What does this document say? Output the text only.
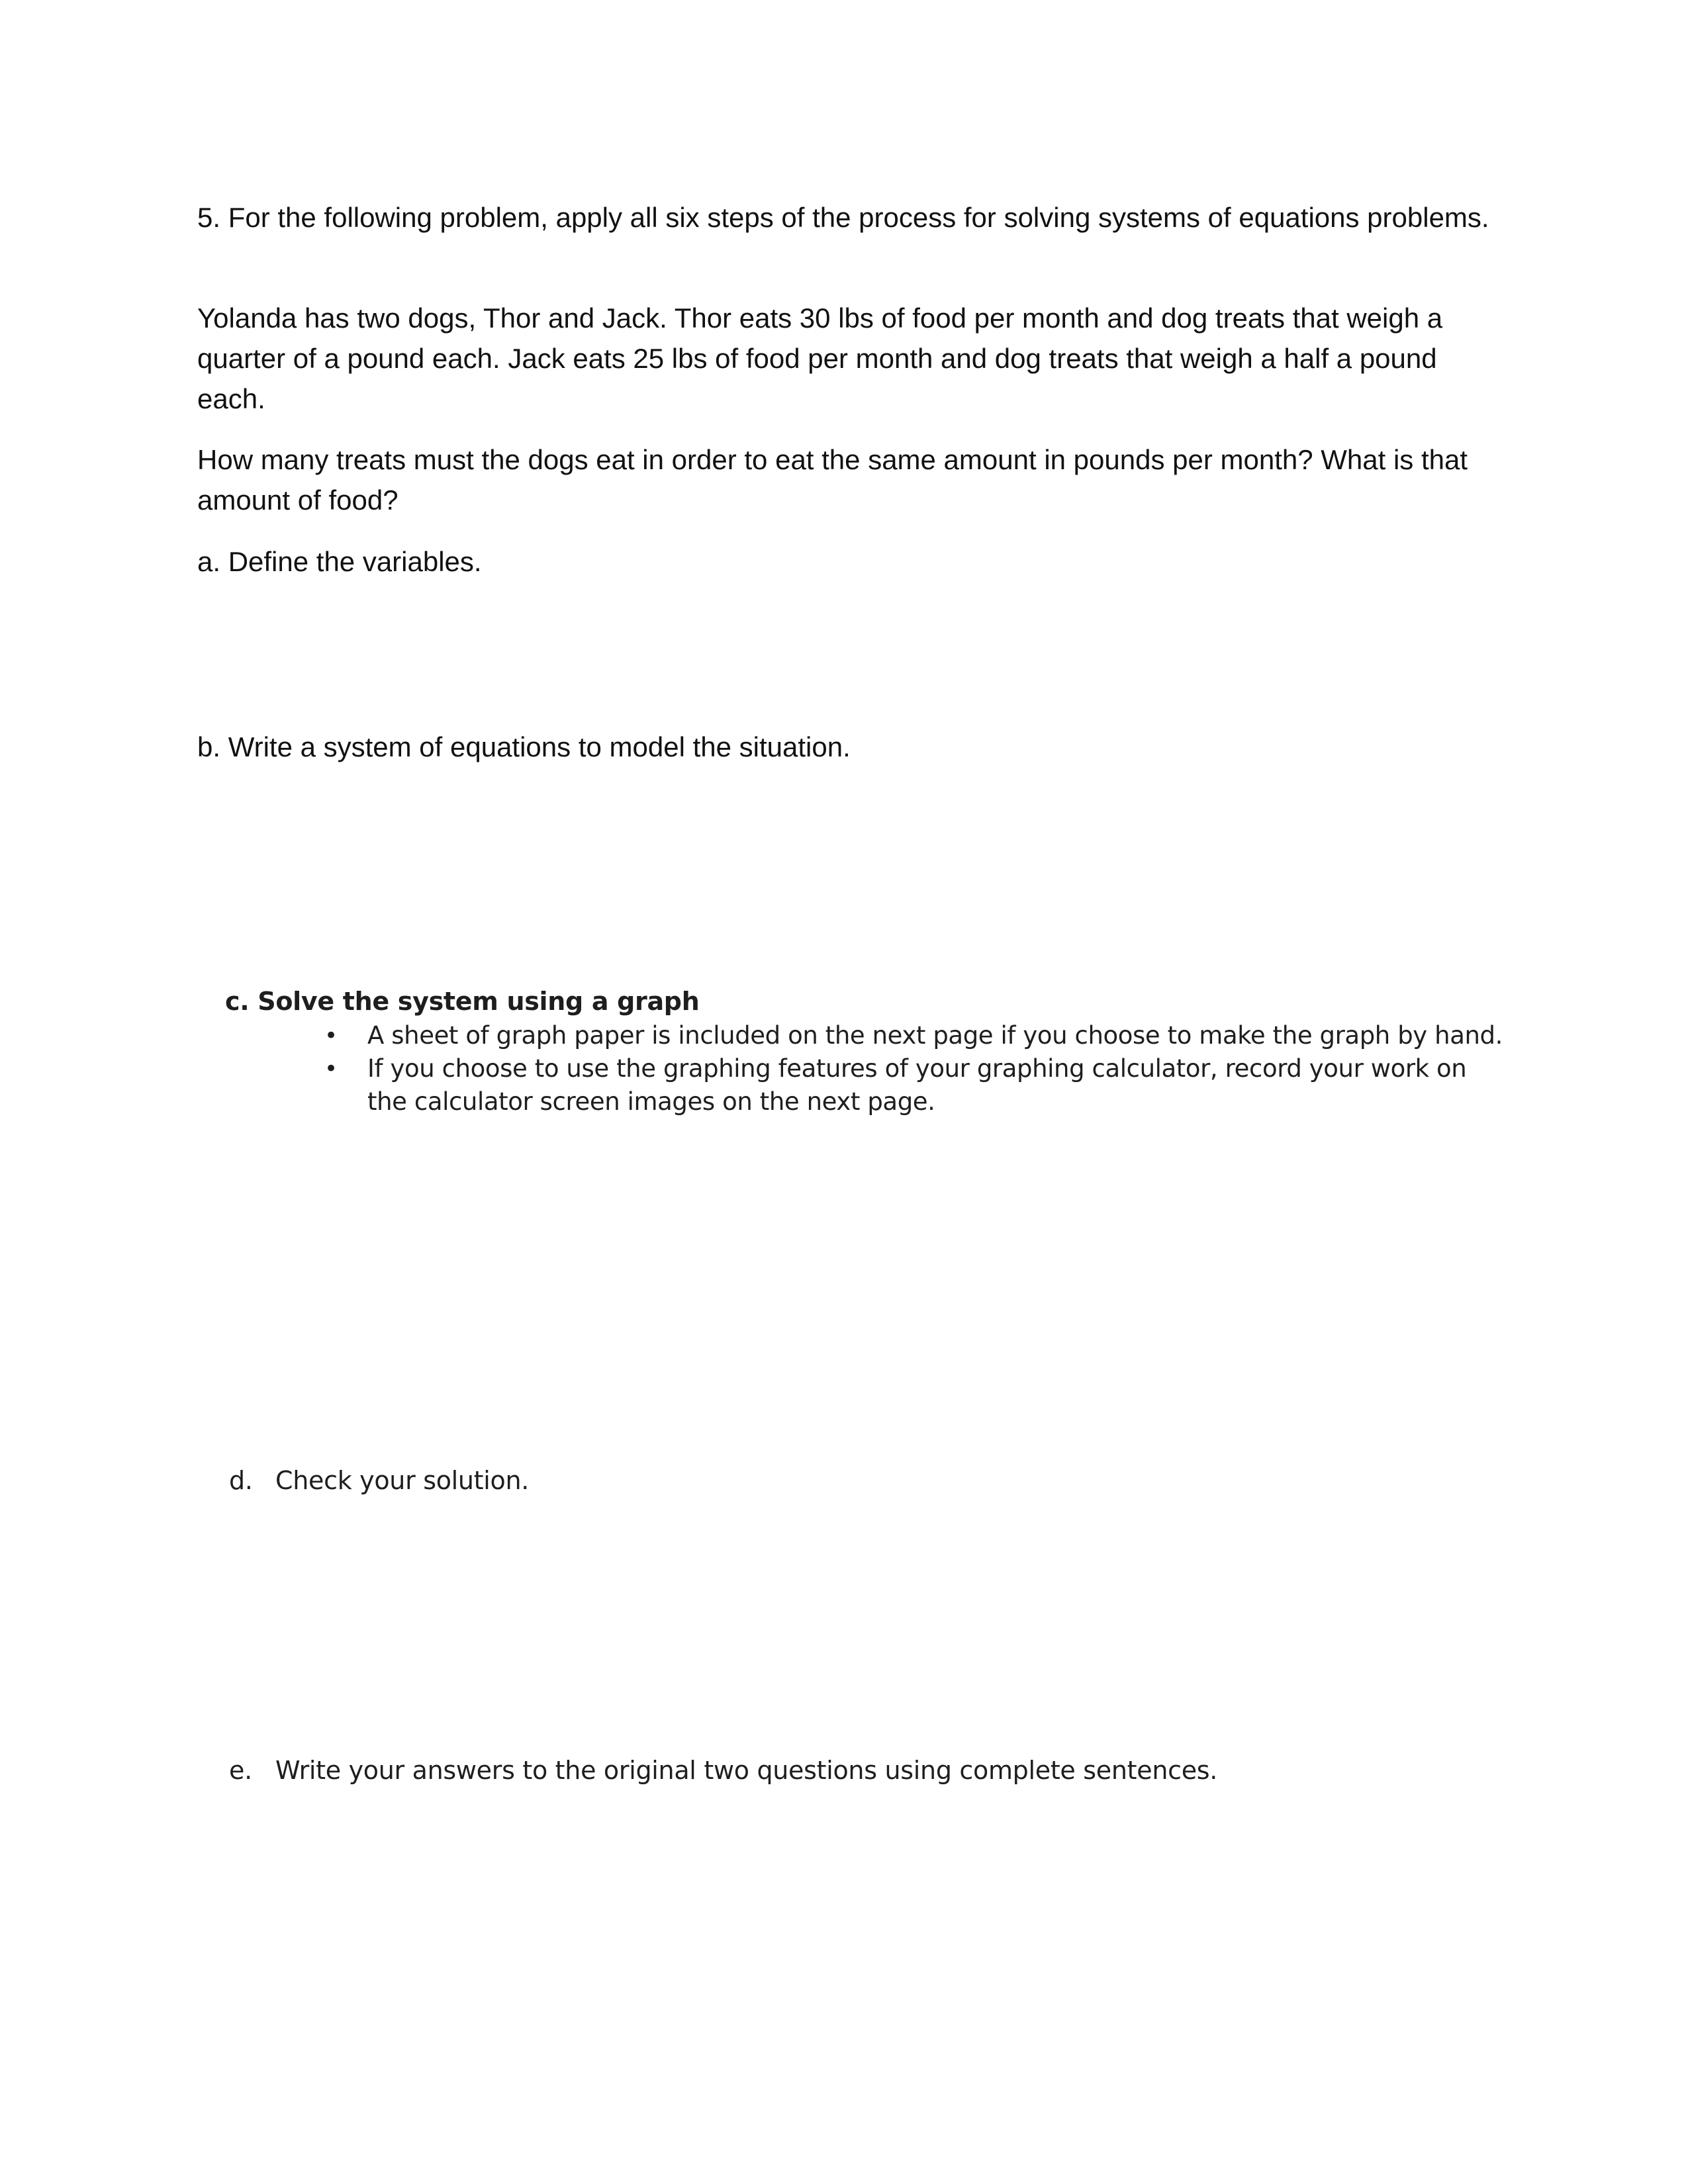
5. For the following problem, apply all six steps of the process for solving systems of equations problems.

Yolanda has two dogs, Thor and Jack. Thor eats 30 lbs of food per month and dog treats that weigh a quarter of a pound each. Jack eats 25 lbs of food per month and dog treats that weigh a half a pound each.

How many treats must the dogs eat in order to eat the same amount in pounds per month? What is that amount of food?

a. Define the variables.

b. Write a system of equations to model the situation.

c. Solve the system using a graph
• A sheet of graph paper is included on the next page if you choose to make the graph by hand.
• If you choose to use the graphing features of your graphing calculator, record your work on the calculator screen images on the next page.
d. Check your solution.
e. Write your answers to the original two questions using complete sentences.
